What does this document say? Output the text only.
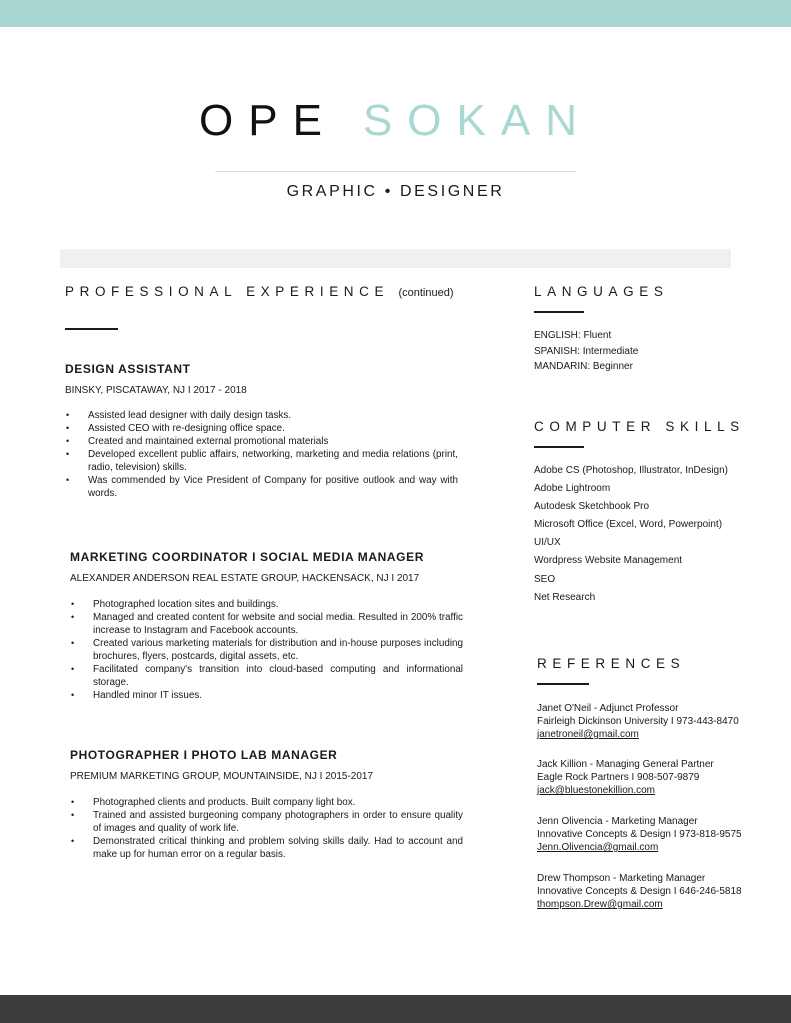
OPE SOKAN
GRAPHIC • DESIGNER
PROFESSIONAL EXPERIENCE (continued)
DESIGN ASSISTANT
BINSKY, PISCATAWAY, NJ I 2017 - 2018
• Assisted lead designer with daily design tasks.
• Assisted CEO with re-designing office space.
• Created and maintained external promotional materials
• Developed excellent public affairs, networking, marketing and media relations (print, radio, television) skills.
• Was commended by Vice President of Company for positive outlook and way with words.
MARKETING COORDINATOR I SOCIAL MEDIA MANAGER
ALEXANDER ANDERSON REAL ESTATE GROUP, HACKENSACK, NJ I 2017
• Photographed location sites and buildings.
• Managed and created content for website and social media. Resulted in 200% traffic increase to Instagram and Facebook accounts.
• Created various marketing materials for distribution and in-house purposes including brochures, flyers, postcards, digital assets, etc.
• Facilitated company's transition into cloud-based computing and informational storage.
• Handled minor IT issues.
PHOTOGRAPHER I PHOTO LAB MANAGER
PREMIUM MARKETING GROUP, MOUNTAINSIDE, NJ I 2015-2017
• Photographed clients and products. Built company light box.
• Trained and assisted burgeoning company photographers in order to ensure quality of images and quality of work life.
• Demonstrated critical thinking and problem solving skills daily. Had to account and make up for human error on a regular basis.
LANGUAGES
ENGLISH: Fluent
SPANISH: Intermediate
MANDARIN: Beginner
COMPUTER SKILLS
Adobe CS (Photoshop, Illustrator, InDesign)
Adobe Lightroom
Autodesk Sketchbook Pro
Microsoft Office (Excel, Word, Powerpoint)
UI/UX
Wordpress Website Management
SEO
Net Research
REFERENCES
Janet O'Neil - Adjunct Professor
Fairleigh Dickinson University I 973-443-8470
janetroneil@gmail.com
Jack Killion - Managing General Partner
Eagle Rock Partners I 908-507-9879
jack@bluestonekillion.com
Jenn Olivencia - Marketing Manager
Innovative Concepts & Design I 973-818-9575
Jenn.Olivencia@gmail.com
Drew Thompson - Marketing Manager
Innovative Concepts & Design I 646-246-5818
thompson.Drew@gmail.com
